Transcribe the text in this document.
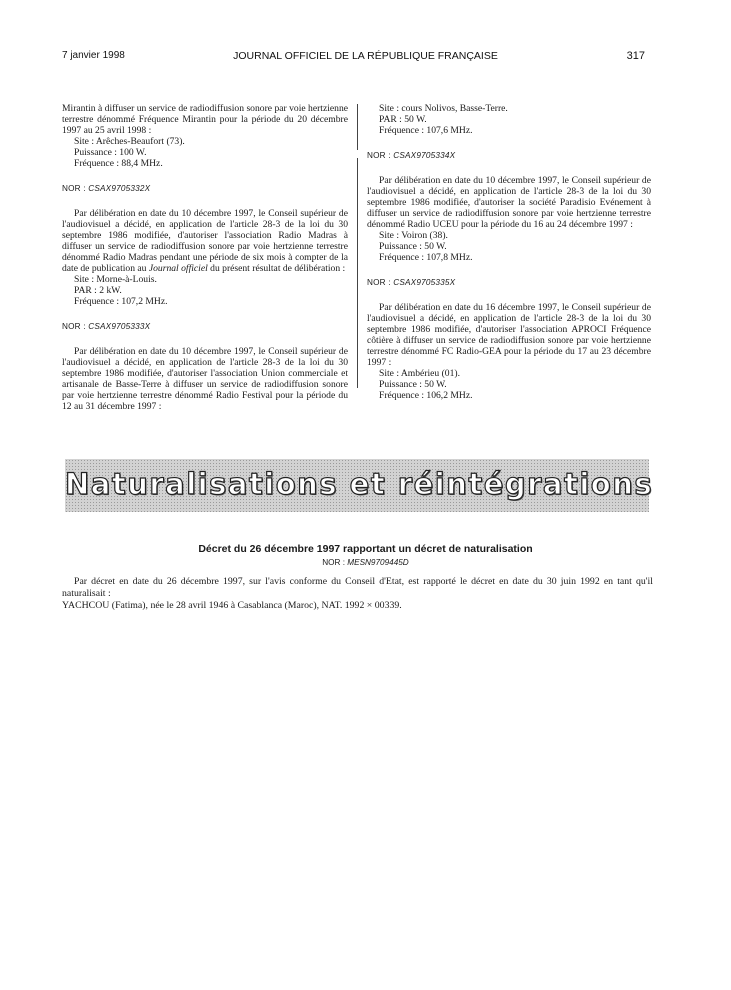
7 janvier 1998	JOURNAL OFFICIEL DE LA RÉPUBLIQUE FRANÇAISE	317

Mirantin à diffuser un service de radiodiffusion sonore par voie hertzienne terrestre dénommé Fréquence Mirantin pour la période du 20 décembre 1997 au 25 avril 1998 :

Site : Arêches-Beaufort (73).
Puissance : 100 W.
Fréquence : 88,4 MHz.

NOR : CSAX9705332X

Par délibération en date du 10 décembre 1997, le Conseil supérieur de l'audiovisuel a décidé, en application de l'article 28-3 de la loi du 30 septembre 1986 modifiée, d'autoriser l'association Radio Madras à diffuser un service de radiodiffusion sonore par voie hertzienne terrestre dénommé Radio Madras pendant une période de six mois à compter de la date de publication au Journal officiel du présent résultat de délibération :

Site : Morne-à-Louis.
PAR : 2 kW.
Fréquence : 107,2 MHz.

NOR : CSAX9705333X

Par délibération en date du 10 décembre 1997, le Conseil supérieur de l'audiovisuel a décidé, en application de l'article 28-3 de la loi du 30 septembre 1986 modifiée, d'autoriser l'association Union commerciale et artisanale de Basse-Terre à diffuser un service de radiodiffusion sonore par voie hertzienne terrestre dénommé Radio Festival pour la période du 12 au 31 décembre 1997 :

Site : cours Nolivos, Basse-Terre.
PAR : 50 W.
Fréquence : 107,6 MHz.

NOR : CSAX9705334X

Par délibération en date du 10 décembre 1997, le Conseil supérieur de l'audiovisuel a décidé, en application de l'article 28-3 de la loi du 30 septembre 1986 modifiée, d'autoriser la société Paradisio Evénement à diffuser un service de radiodiffusion sonore par voie hertzienne terrestre dénommé Radio UCEU pour la période du 16 au 24 décembre 1997 :

Site : Voiron (38).
Puissance : 50 W.
Fréquence : 107,8 MHz.

NOR : CSAX9705335X

Par délibération en date du 16 décembre 1997, le Conseil supérieur de l'audiovisuel a décidé, en application de l'article 28-3 de la loi du 30 septembre 1986 modifiée, d'autoriser l'association APROCI Fréquence côtière à diffuser un service de radiodiffusion sonore par voie hertzienne terrestre dénommé FC Radio-GEA pour la période du 17 au 23 décembre 1997 :

Site : Ambérieu (01).
Puissance : 50 W.
Fréquence : 106,2 MHz.
Naturalisations et réintégrations
Décret du 26 décembre 1997 rapportant un décret de naturalisation
NOR : MESN9709445D

Par décret en date du 26 décembre 1997, sur l'avis conforme du Conseil d'Etat, est rapporté le décret en date du 30 juin 1992 en tant qu'il naturalisait :

YACHCOU (Fatima), née le 28 avril 1946 à Casablanca (Maroc), NAT. 1992 × 00339.
